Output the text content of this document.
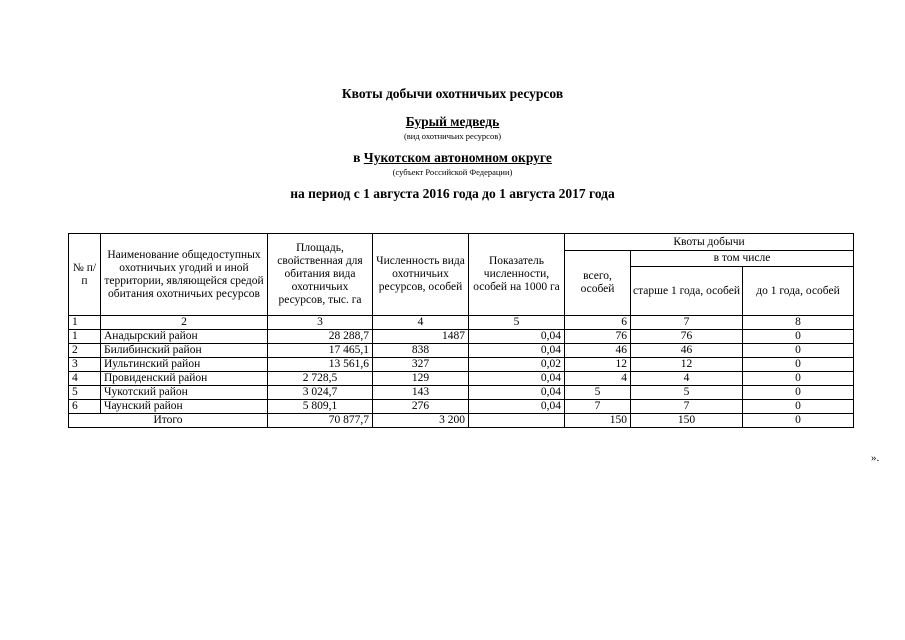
Квоты добычи охотничьих ресурсов
Бурый медведь
(вид охотничьих ресурсов)
в Чукотском автономном округе
(субъект Российской Федерации)
на период с 1 августа 2016 года до 1 августа 2017 года
№ п/п	Наименование общедоступных охотничьих угодий и иной территории, являющейся средой обитания охотничьих ресурсов	Площадь, свойственная для обитания вида охотничьих ресурсов, тыс. га	Численность вида охотничьих ресурсов, особей	Показатель численности, особей на 1000 га	Квоты добычи		
					всего, особей	в том числе	
						старше 1 года, особей	до 1 года, особей
1	2	3	4	5	6	7	8
1	Анадырский район	28 288,7	1487	0,04	76	76	0
2	Билибинский район	17 465,1	838	0,04	46	46	0
3	Иультинский район	13 561,6	327	0,02	12	12	0
4	Провиденский район	2 728,5	129	0,04	4	4	0
5	Чукотский район	3 024,7	143	0,04	5	5	0
6	Чаунский район	5 809,1	276	0,04	7	7	0
Итого		70 877,7	3 200		150	150	0
».
